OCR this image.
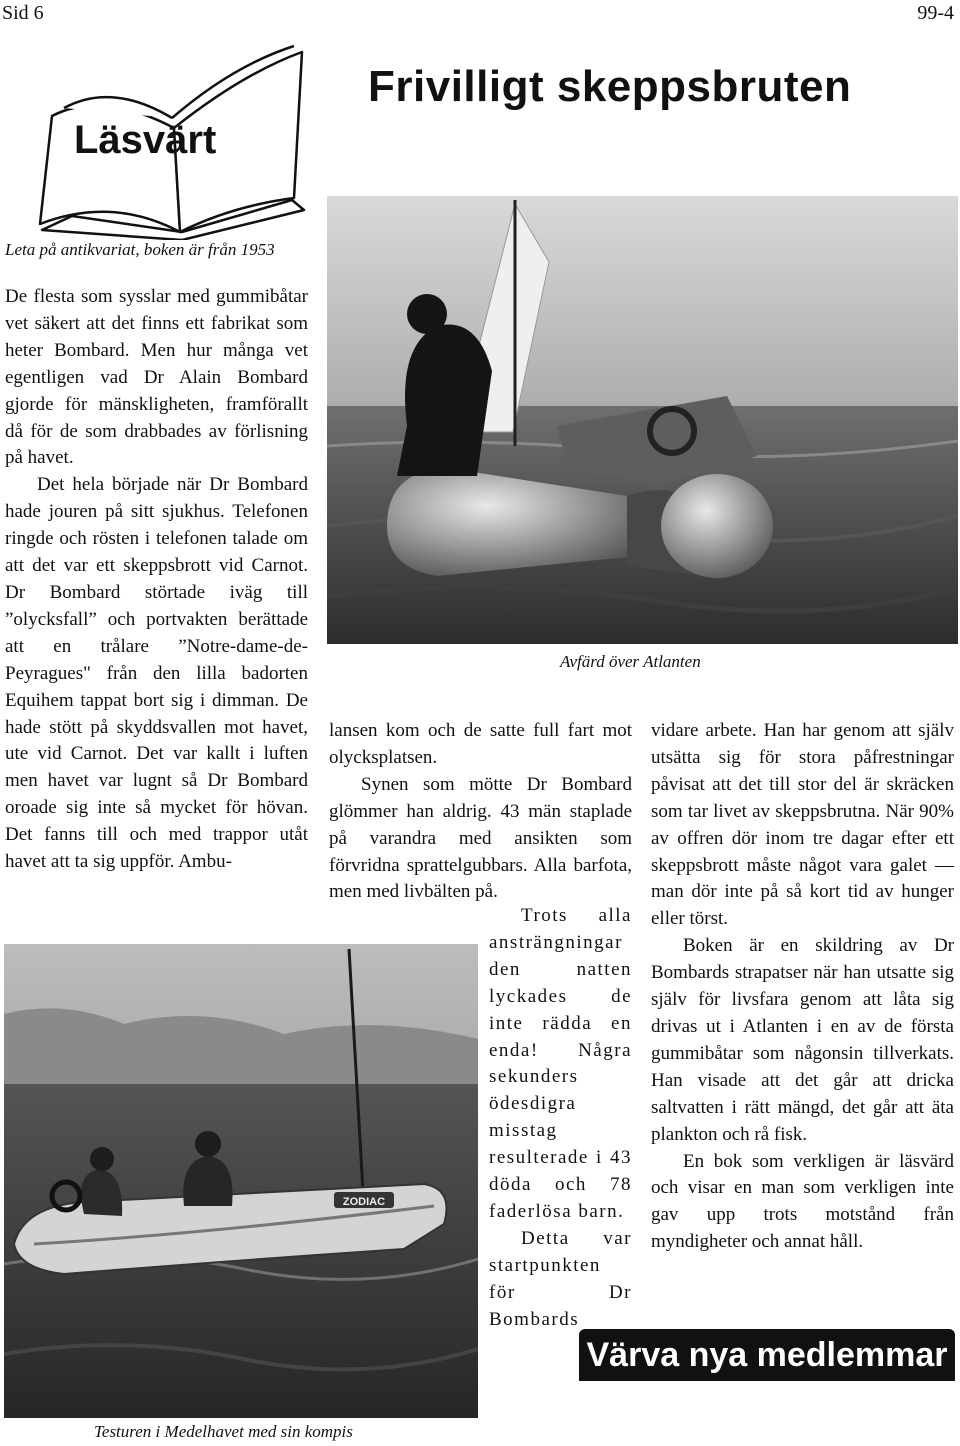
Sid 6	99-4
Frivilligt skeppsbruten
Läsvärt
Leta på antikvariat, boken är från 1953

De flesta som sysslar med gummibåtar vet säkert att det finns ett fabrikat som heter Bombard. Men hur många vet egentligen vad Dr Alain Bombard gjorde för mänskligheten, framförallt då för de som drabbades av förlisning på havet.

Det hela började när Dr Bombard hade jouren på sitt sjukhus. Telefonen ringde och rösten i telefonen talade om att det var ett skeppsbrott vid Carnot. Dr Bombard störtade iväg till ”olycksfall” och portvakten berättade att en trålare ”Notre-dame-de- Peyragues" från den lilla badorten Equihem tappat bort sig i dimman. De hade stött på skyddsvallen mot havet, ute vid Carnot. Det var kallt i luften men havet var lugnt så Dr Bombard oroade sig inte så mycket för hövan. Det fanns till och med trappor utåt havet att ta sig uppför. Ambu-

Avfärd över Atlanten

lansen kom och de satte full fart mot olycksplatsen.

Synen som mötte Dr Bombard glömmer han aldrig. 43 män staplade på varandra med ansikten som förvridna sprattelgubbars. Alla barfota, men med livbälten på.

Trots alla ansträngningar den natten lyckades de inte rädda en enda! Några sekunders ödesdigra misstag resulterade i 43 döda och 78 faderlösa barn.

Detta var startpunkten för Dr Bombards

vidare arbete. Han har genom att själv utsätta sig för stora påfrestningar påvisat att det till stor del är skräcken som tar livet av skeppsbrutna. När 90% av offren dör inom tre dagar efter ett skeppsbrott måste något vara galet — man dör inte på så kort tid av hunger eller törst.

Boken är en skildring av Dr Bombards strapatser när han utsatte sig själv för livsfara genom att låta sig drivas ut i Atlanten i en av de första gummibåtar som någonsin tillverkats. Han visade att det går att dricka saltvatten i rätt mängd, det går att äta plankton och rå fisk.

En bok som verkligen är läsvärd och visar en man som verkligen inte gav upp trots motstånd från myndigheter och annat håll.

ZODIAC
Testuren i Medelhavet med sin kompis
Värva nya medlemmar
